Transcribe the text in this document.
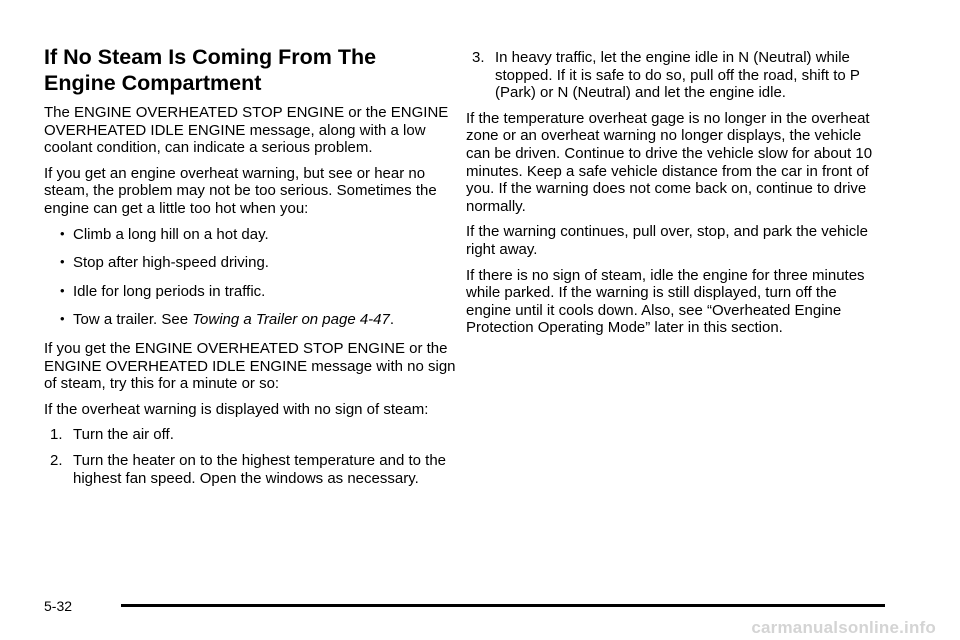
If No Steam Is Coming From The
Engine Compartment

The ENGINE OVERHEATED STOP ENGINE or the ENGINE OVERHEATED IDLE ENGINE message, along with a low coolant condition, can indicate a serious problem.

If you get an engine overheat warning, but see or hear no steam, the problem may not be too serious. Sometimes the engine can get a little too hot when you:

• Climb a long hill on a hot day.
• Stop after high-speed driving.
• Idle for long periods in traffic.
• Tow a trailer. See Towing a Trailer on page 4-47.

If you get the ENGINE OVERHEATED STOP ENGINE or the ENGINE OVERHEATED IDLE ENGINE message with no sign of steam, try this for a minute or so:

If the overheat warning is displayed with no sign of steam:

1. Turn the air off.
2. Turn the heater on to the highest temperature and to the highest fan speed. Open the windows as necessary.
3. In heavy traffic, let the engine idle in N (Neutral) while stopped. If it is safe to do so, pull off the road, shift to P (Park) or N (Neutral) and let the engine idle.

If the temperature overheat gage is no longer in the overheat zone or an overheat warning no longer displays, the vehicle can be driven. Continue to drive the vehicle slow for about 10 minutes. Keep a safe vehicle distance from the car in front of you. If the warning does not come back on, continue to drive normally.

If the warning continues, pull over, stop, and park the vehicle right away.

If there is no sign of steam, idle the engine for three minutes while parked. If the warning is still displayed, turn off the engine until it cools down. Also, see “Overheated Engine Protection Operating Mode” later in this section.

5-32
carmanualsonline.info
